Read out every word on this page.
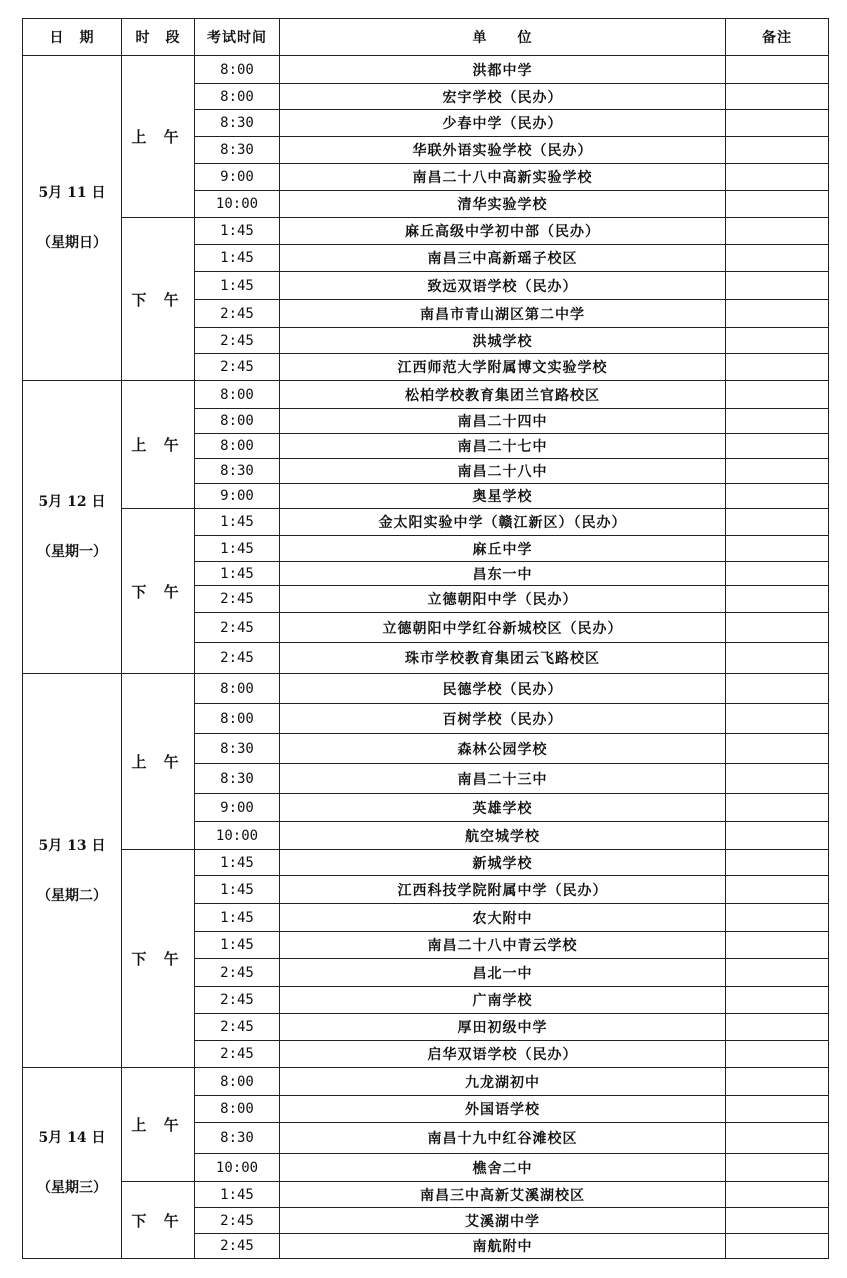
日　期	时　段	考试时间	单　　位	备注

5月 11 日
（星期日）	上 午	8:00	洪都中学	
		8:00	宏宇学校（民办）	
		8:30	少春中学（民办）	
		8:30	华联外语实验学校（民办）	
		9:00	南昌二十八中高新实验学校	
		10:00	清华实验学校	
	下 午	1:45	麻丘高级中学初中部（民办）	
		1:45	南昌三中高新瑶子校区	
		1:45	致远双语学校（民办）	
		2:45	南昌市青山湖区第二中学	
		2:45	洪城学校	
		2:45	江西师范大学附属博文实验学校	

5月 12 日
（星期一）	上 午	8:00	松柏学校教育集团兰官路校区	
		8:00	南昌二十四中	
		8:00	南昌二十七中	
		8:30	南昌二十八中	
		9:00	奥星学校	
	下 午	1:45	金太阳实验中学（赣江新区）（民办）	
		1:45	麻丘中学	
		1:45	昌东一中	
		2:45	立德朝阳中学（民办）	
		2:45	立德朝阳中学红谷新城校区（民办）	
		2:45	珠市学校教育集团云飞路校区	

5月 13 日
（星期二）	上 午	8:00	民德学校（民办）	
		8:00	百树学校（民办）	
		8:30	森林公园学校	
		8:30	南昌二十三中	
		9:00	英雄学校	
		10:00	航空城学校	
	下 午	1:45	新城学校	
		1:45	江西科技学院附属中学（民办）	
		1:45	农大附中	
		1:45	南昌二十八中青云学校	
		2:45	昌北一中	
		2:45	广南学校	
		2:45	厚田初级中学	
		2:45	启华双语学校（民办）	

5月 14 日
（星期三）	上 午	8:00	九龙湖初中	
		8:00	外国语学校	
		8:30	南昌十九中红谷滩校区	
		10:00	樵舍二中	
	下 午	1:45	南昌三中高新艾溪湖校区	
		2:45	艾溪湖中学	
		2:45	南航附中	
